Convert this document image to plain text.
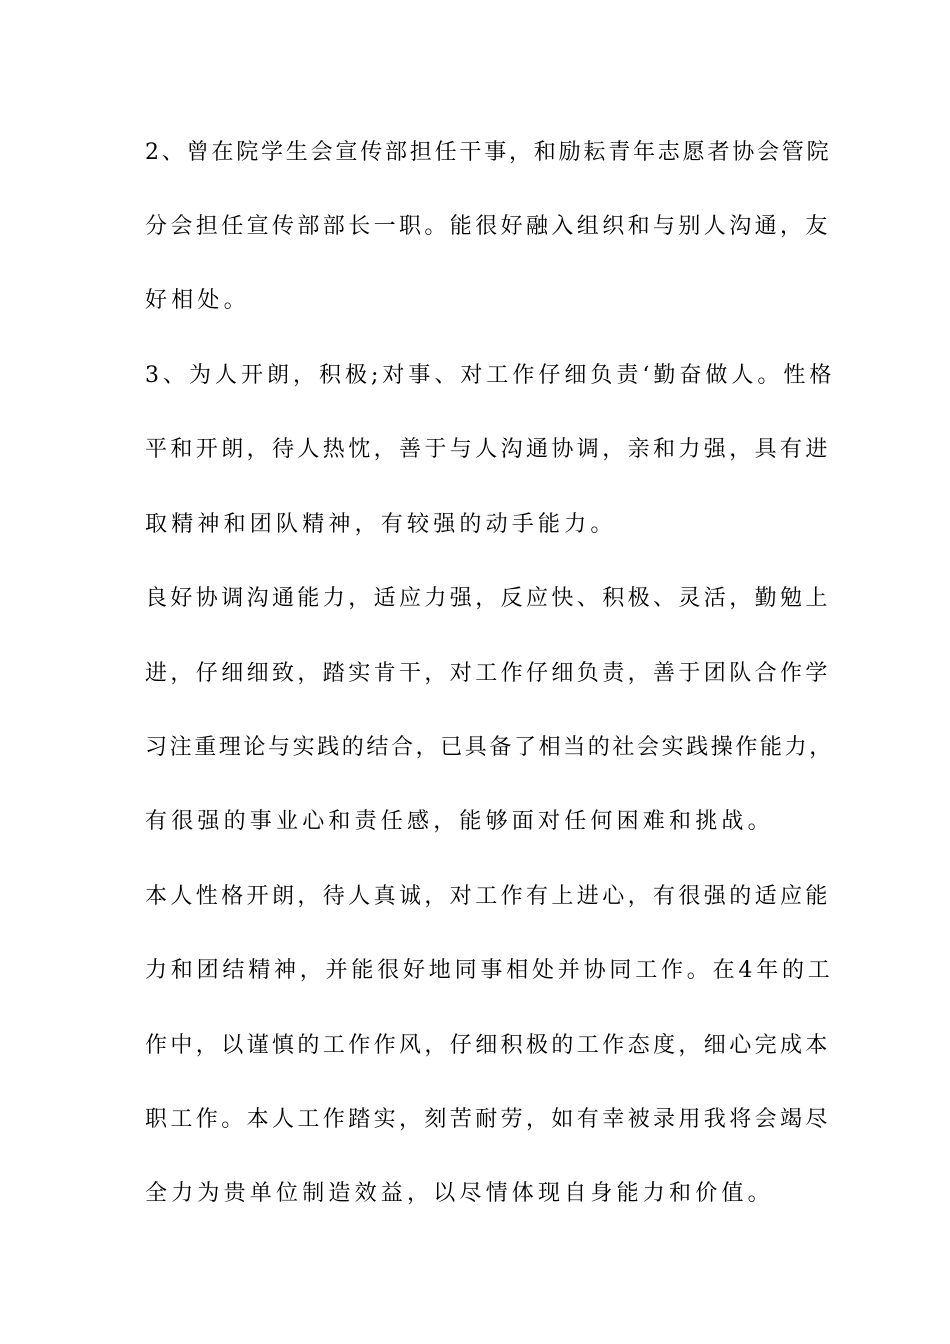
2、曾在院学生会宣传部担任干事，和励耘青年志愿者协会管院
分会担任宣传部部长一职。能很好融入组织和与别人沟通，友
好相处。
3、为人开朗，积极;对事、对工作仔细负责‘勤奋做人。性格
平和开朗，待人热忱，善于与人沟通协调，亲和力强，具有进
取精神和团队精神，有较强的动手能力。
良好协调沟通能力，适应力强，反应快、积极、灵活，勤勉上
进，仔细细致，踏实肯干，对工作仔细负责，善于团队合作学
习注重理论与实践的结合，已具备了相当的社会实践操作能力，
有很强的事业心和责任感，能够面对任何困难和挑战。
本人性格开朗，待人真诚，对工作有上进心，有很强的适应能
力和团结精神，并能很好地同事相处并协同工作。在4年的工
作中，以谨慎的工作作风，仔细积极的工作态度，细心完成本
职工作。本人工作踏实，刻苦耐劳，如有幸被录用我将会竭尽
全力为贵单位制造效益，以尽情体现自身能力和价值。
